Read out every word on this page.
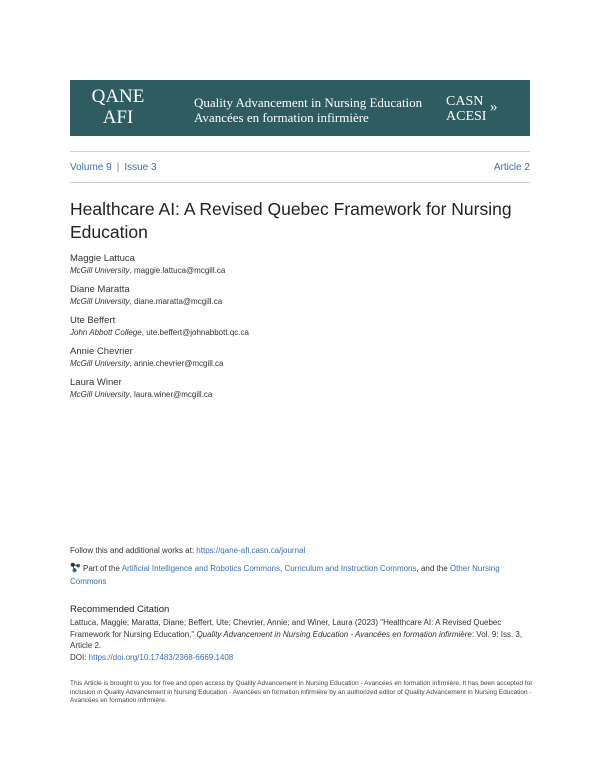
QANE
AFI
Quality Advancement in Nursing Education
Avancées en formation infirmière
CASN
ACESI
»
Volume 9 | Issue 3	Article 2
Healthcare AI: A Revised Quebec Framework for Nursing Education
Maggie Lattuca
McGill University, maggie.lattuca@mcgill.ca
Diane Maratta
McGill University, diane.maratta@mcgill.ca
Ute Beffert
John Abbott College, ute.beffert@johnabbott.qc.ca
Annie Chevrier
McGill University, annie.chevrier@mcgill.ca
Laura Winer
McGill University, laura.winer@mcgill.ca
Follow this and additional works at: https://qane-afi.casn.ca/journal
Part of the Artificial Intelligence and Robotics Commons, Curriculum and Instruction Commons, and the Other Nursing Commons
Recommended Citation
Lattuca, Maggie; Maratta, Diane; Beffert, Ute; Chevrier, Annie; and Winer, Laura (2023) "Healthcare AI: A Revised Quebec Framework for Nursing Education," Quality Advancement in Nursing Education - Avancées en formation infirmière: Vol. 9: Iss. 3, Article 2.
DOI: https://doi.org/10.17483/2368-6669.1408
This Article is brought to you for free and open access by Quality Advancement in Nursing Education - Avancées en formation infirmière. It has been accepted for inclusion in Quality Advancement in Nursing Education - Avancées en formation infirmière by an authorized editor of Quality Advancement in Nursing Education - Avancées en formation infirmière.
